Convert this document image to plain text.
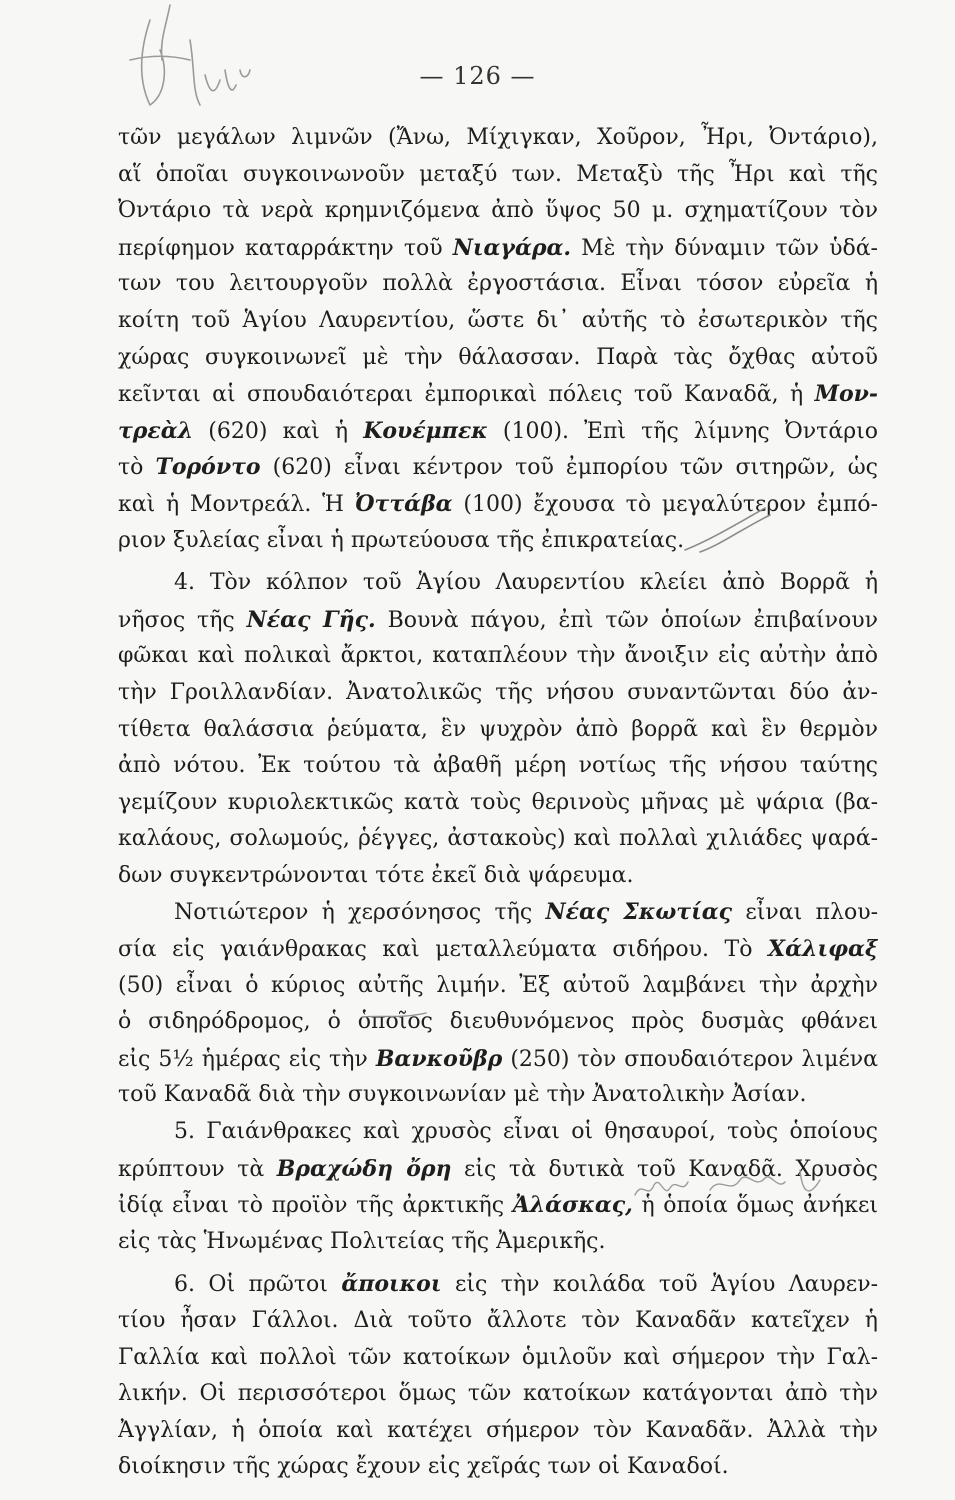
— 126 —
τῶν μεγάλων λιμνῶν (Ἄνω, Μίχιγκαν, Χοῦρον, Ἦρι, Ὀντάριο),
αἵ ὁποῖαι συγκοινωνοῦν μεταξύ των. Μεταξὺ τῆς Ἦρι καὶ τῆς
Ὀντάριο τὰ νερὰ κρημνιζόμενα ἀπὸ ὕψος 50 μ. σχηματίζουν τὸν
περίφημον καταρράκτην τοῦ Νιαγάρα. Μὲ τὴν δύναμιν τῶν ὑδά-
των του λειτουργοῦν πολλὰ ἐργοστάσια. Εἶναι τόσον εὐρεῖα ἡ
κοίτη τοῦ Ἁγίου Λαυρεντίου, ὥστε δι᾽ αὐτῆς τὸ ἐσωτερικὸν τῆς
χώρας συγκοινωνεῖ μὲ τὴν θάλασσαν. Παρὰ τὰς ὄχθας αὐτοῦ
κεῖνται αἱ σπουδαιότεραι ἐμπορικαὶ πόλεις τοῦ Καναδᾶ, ἡ Μον-
τρεὰλ (620) καὶ ἡ Κουέμπεκ (100). Ἐπὶ τῆς λίμνης Ὀντάριο
τὸ Τορόντο (620) εἶναι κέντρον τοῦ ἐμπορίου τῶν σιτηρῶν, ὡς
καὶ ἡ Μοντρεάλ. Ἡ Ὀττάβα (100) ἔχουσα τὸ μεγαλύτερον ἐμπό-
ριον ξυλείας εἶναι ἡ πρωτεύουσα τῆς ἐπικρατείας.
4. Τὸν κόλπον τοῦ Ἁγίου Λαυρεντίου κλείει ἀπὸ Βορρᾶ ἡ
νῆσος τῆς Νέας Γῆς. Βουνὰ πάγου, ἐπὶ τῶν ὁποίων ἐπιβαίνουν
φῶκαι καὶ πολικαὶ ἄρκτοι, καταπλέουν τὴν ἄνοιξιν εἰς αὐτὴν ἀπὸ
τὴν Γροιλλανδίαν. Ἀνατολικῶς τῆς νήσου συναντῶνται δύο ἀν-
τίθετα θαλάσσια ῥεύματα, ἓν ψυχρὸν ἀπὸ βορρᾶ καὶ ἓν θερμὸν
ἀπὸ νότου. Ἐκ τούτου τὰ ἀβαθῆ μέρη νοτίως τῆς νήσου ταύτης
γεμίζουν κυριολεκτικῶς κατὰ τοὺς θερινοὺς μῆνας μὲ ψάρια (βα-
καλάους, σολωμούς, ῥέγγες, ἀστακοὺς) καὶ πολλαὶ χιλιάδες ψαρά-
δων συγκεντρώνονται τότε ἐκεῖ διὰ ψάρευμα.
Νοτιώτερον ἡ χερσόνησος τῆς Νέας Σκωτίας εἶναι πλου-
σία εἰς γαιάνθρακας καὶ μεταλλεύματα σιδήρου. Τὸ Χάλιφαξ
(50) εἶναι ὁ κύριος αὐτῆς λιμήν. Ἐξ αὐτοῦ λαμβάνει τὴν ἀρχὴν
ὁ σιδηρόδρομος, ὁ ὁποῖος διευθυνόμενος πρὸς δυσμὰς φθάνει
εἰς 5½ ἡμέρας εἰς τὴν Βανκοῦβρ (250) τὸν σπουδαιότερον λιμένα
τοῦ Καναδᾶ διὰ τὴν συγκοινωνίαν μὲ τὴν Ἀνατολικὴν Ἀσίαν.
5. Γαιάνθρακες καὶ χρυσὸς εἶναι οἱ θησαυροί, τοὺς ὁποίους
κρύπτουν τὰ Βραχώδη ὄρη εἰς τὰ δυτικὰ τοῦ Καναδᾶ. Χρυσὸς
ἰδίᾳ εἶναι τὸ προϊὸν τῆς ἀρκτικῆς Ἀλάσκας, ἡ ὁποία ὅμως ἀνήκει
εἰς τὰς Ἡνωμένας Πολιτείας τῆς Ἀμερικῆς.
6. Οἱ πρῶτοι ἄποικοι εἰς τὴν κοιλάδα τοῦ Ἁγίου Λαυρεν-
τίου ἦσαν Γάλλοι. Διὰ τοῦτο ἄλλοτε τὸν Καναδᾶν κατεῖχεν ἡ
Γαλλία καὶ πολλοὶ τῶν κατοίκων ὁμιλοῦν καὶ σήμερον τὴν Γαλ-
λικήν. Οἱ περισσότεροι ὅμως τῶν κατοίκων κατάγονται ἀπὸ τὴν
Ἀγγλίαν, ἡ ὁποία καὶ κατέχει σήμερον τὸν Καναδᾶν. Ἀλλὰ τὴν
διοίκησιν τῆς χώρας ἔχουν εἰς χεῖράς των οἱ Καναδοί.
